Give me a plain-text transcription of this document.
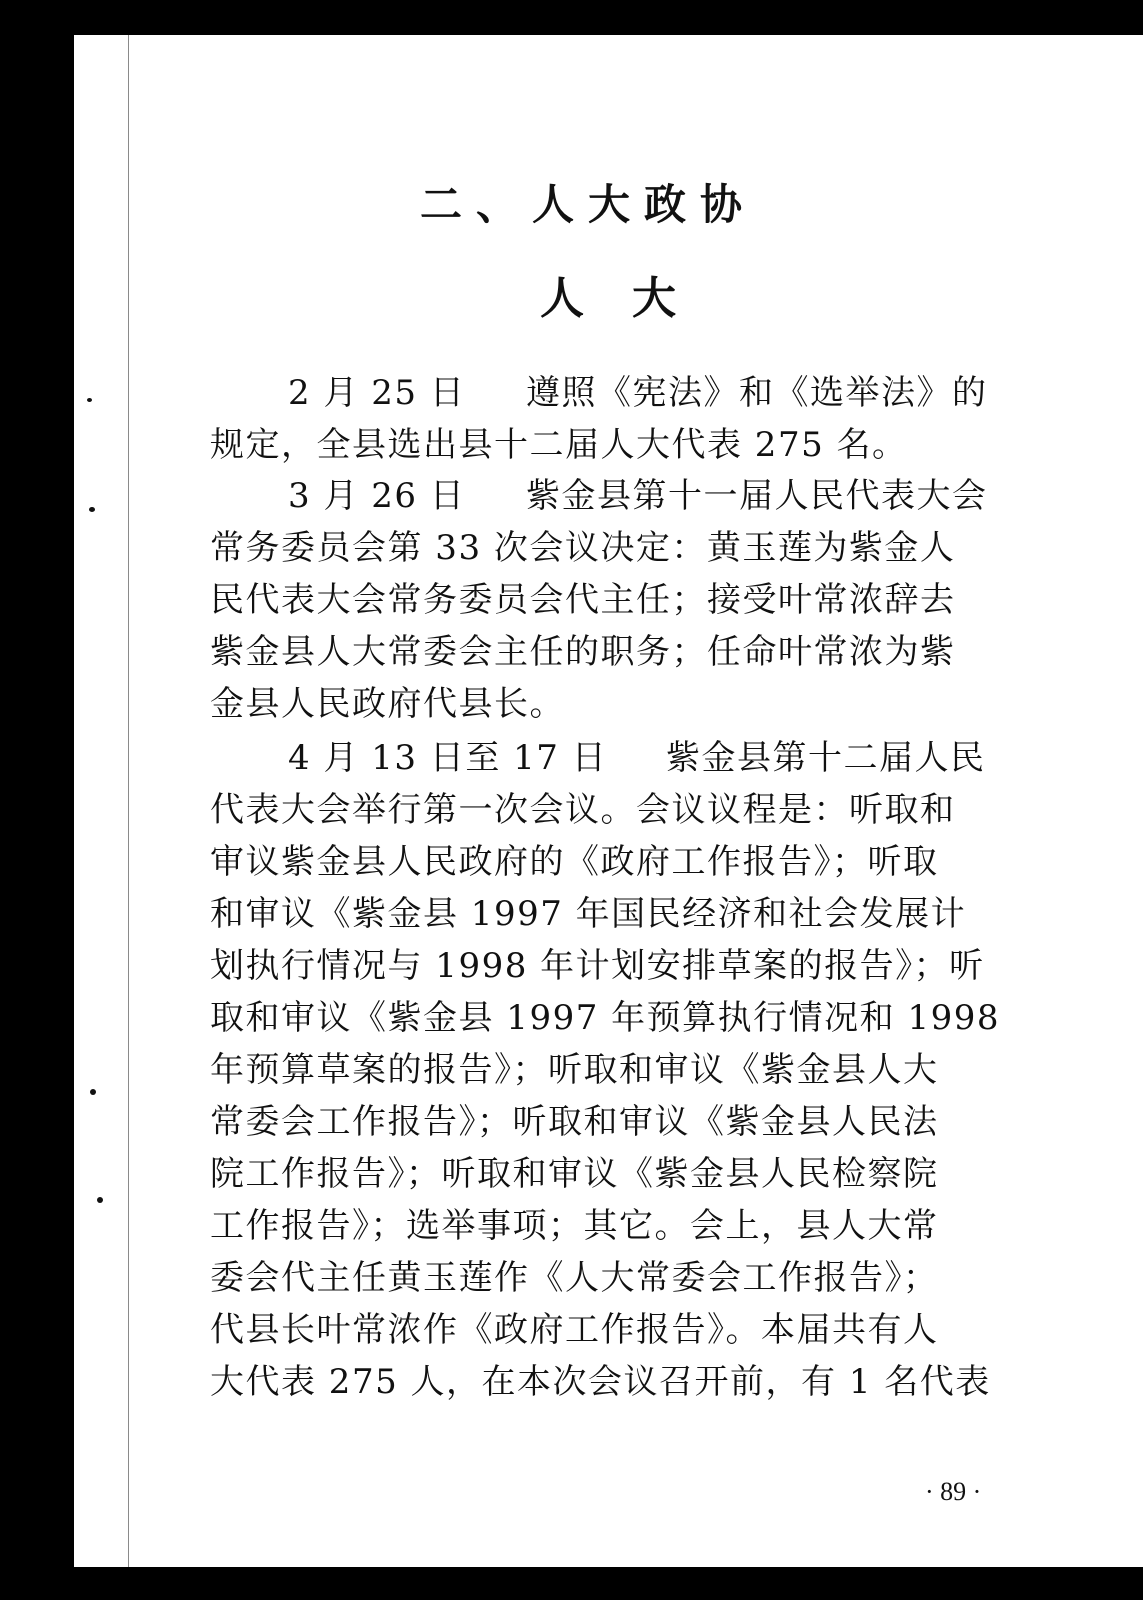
二、人大政协
人大
2 月 25 日 遵照《宪法》和《选举法》的
规定，全县选出县十二届人大代表 275 名。
3 月 26 日 紫金县第十一届人民代表大会
常务委员会第 33 次会议决定：黄玉莲为紫金人
民代表大会常务委员会代主任；接受叶常浓辞去
紫金县人大常委会主任的职务；任命叶常浓为紫
金县人民政府代县长。
4 月 13 日至 17 日 紫金县第十二届人民
代表大会举行第一次会议。会议议程是：听取和
审议紫金县人民政府的《政府工作报告》；听取
和审议《紫金县 1997 年国民经济和社会发展计
划执行情况与 1998 年计划安排草案的报告》；听
取和审议《紫金县 1997 年预算执行情况和 1998
年预算草案的报告》；听取和审议《紫金县人大
常委会工作报告》；听取和审议《紫金县人民法
院工作报告》；听取和审议《紫金县人民检察院
工作报告》；选举事项；其它。会上，县人大常
委会代主任黄玉莲作《人大常委会工作报告》；
代县长叶常浓作《政府工作报告》。本届共有人
大代表 275 人，在本次会议召开前，有 1 名代表
· 89 ·
